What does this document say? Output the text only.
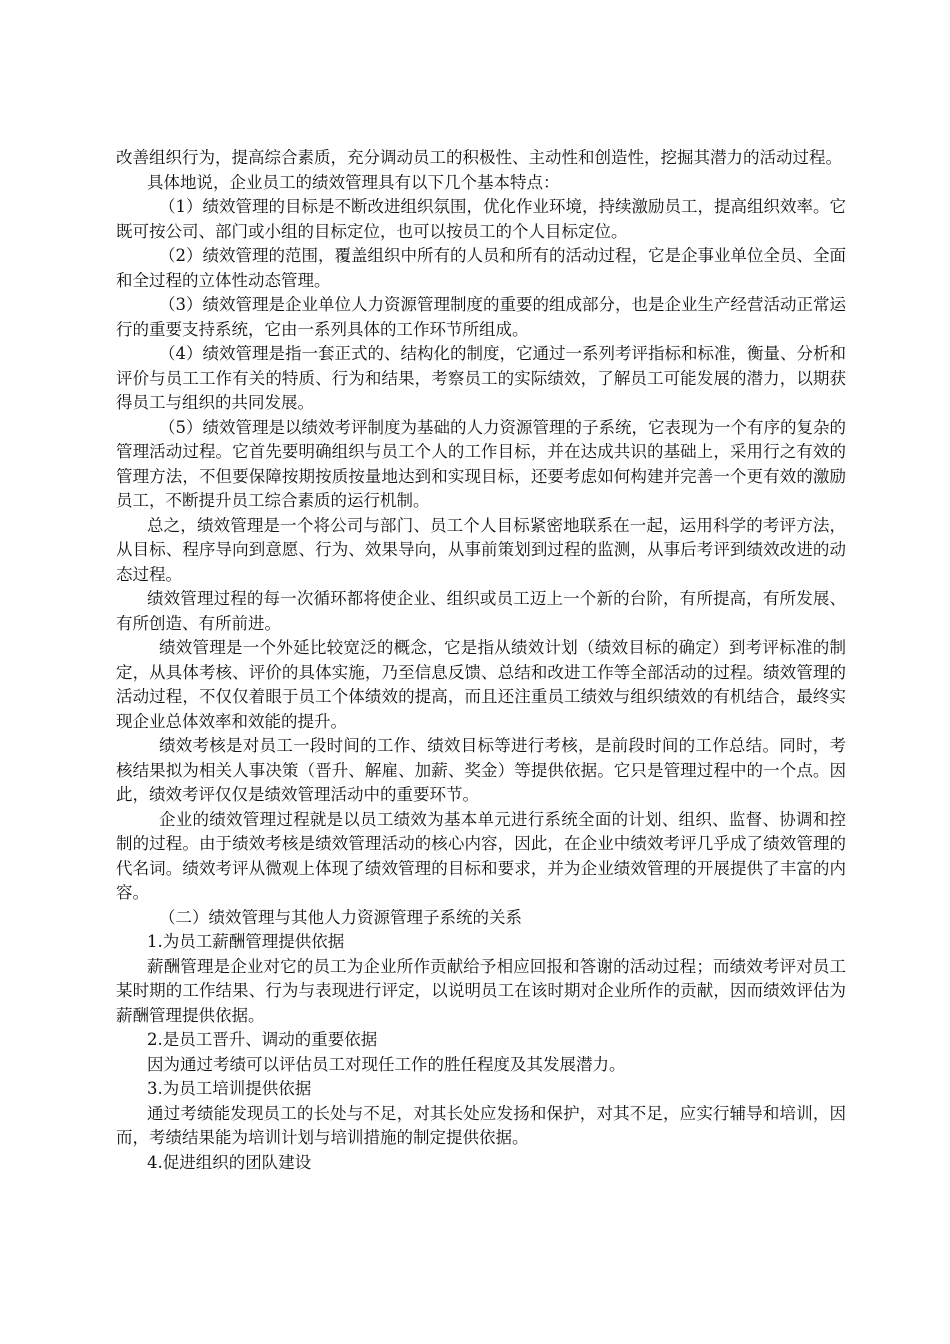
改善组织行为，提高综合素质，充分调动员工的积极性、主动性和创造性，挖掘其潜力的活动过程。

具体地说，企业员工的绩效管理具有以下几个基本特点：

（1）绩效管理的目标是不断改进组织氛围，优化作业环境，持续激励员工，提高组织效率。它既可按公司、部门或小组的目标定位，也可以按员工的个人目标定位。

（2）绩效管理的范围，覆盖组织中所有的人员和所有的活动过程，它是企事业单位全员、全面和全过程的立体性动态管理。

（3）绩效管理是企业单位人力资源管理制度的重要的组成部分，也是企业生产经营活动正常运行的重要支持系统，它由一系列具体的工作环节所组成。

（4）绩效管理是指一套正式的、结构化的制度，它通过一系列考评指标和标准，衡量、分析和评价与员工工作有关的特质、行为和结果，考察员工的实际绩效，了解员工可能发展的潜力，以期获得员工与组织的共同发展。

（5）绩效管理是以绩效考评制度为基础的人力资源管理的子系统，它表现为一个有序的复杂的管理活动过程。它首先要明确组织与员工个人的工作目标，并在达成共识的基础上，采用行之有效的管理方法，不但要保障按期按质按量地达到和实现目标，还要考虑如何构建并完善一个更有效的激励员工，不断提升员工综合素质的运行机制。

总之，绩效管理是一个将公司与部门、员工个人目标紧密地联系在一起，运用科学的考评方法，从目标、程序导向到意愿、行为、效果导向，从事前策划到过程的监测，从事后考评到绩效改进的动态过程。

绩效管理过程的每一次循环都将使企业、组织或员工迈上一个新的台阶，有所提高，有所发展、有所创造、有所前进。

绩效管理是一个外延比较宽泛的概念，它是指从绩效计划（绩效目标的确定）到考评标准的制定，从具体考核、评价的具体实施，乃至信息反馈、总结和改进工作等全部活动的过程。绩效管理的活动过程，不仅仅着眼于员工个体绩效的提高，而且还注重员工绩效与组织绩效的有机结合，最终实现企业总体效率和效能的提升。

绩效考核是对员工一段时间的工作、绩效目标等进行考核，是前段时间的工作总结。同时，考核结果拟为相关人事决策（晋升、解雇、加薪、奖金）等提供依据。它只是管理过程中的一个点。因此，绩效考评仅仅是绩效管理活动中的重要环节。

企业的绩效管理过程就是以员工绩效为基本单元进行系统全面的计划、组织、监督、协调和控制的过程。由于绩效考核是绩效管理活动的核心内容，因此，在企业中绩效考评几乎成了绩效管理的代名词。绩效考评从微观上体现了绩效管理的目标和要求，并为企业绩效管理的开展提供了丰富的内容。

（二）绩效管理与其他人力资源管理子系统的关系

1.为员工薪酬管理提供依据

薪酬管理是企业对它的员工为企业所作贡献给予相应回报和答谢的活动过程；而绩效考评对员工某时期的工作结果、行为与表现进行评定，以说明员工在该时期对企业所作的贡献，因而绩效评估为薪酬管理提供依据。

2.是员工晋升、调动的重要依据

因为通过考绩可以评估员工对现任工作的胜任程度及其发展潜力。

3.为员工培训提供依据

通过考绩能发现员工的长处与不足，对其长处应发扬和保护，对其不足，应实行辅导和培训，因而，考绩结果能为培训计划与培训措施的制定提供依据。

4.促进组织的团队建设
